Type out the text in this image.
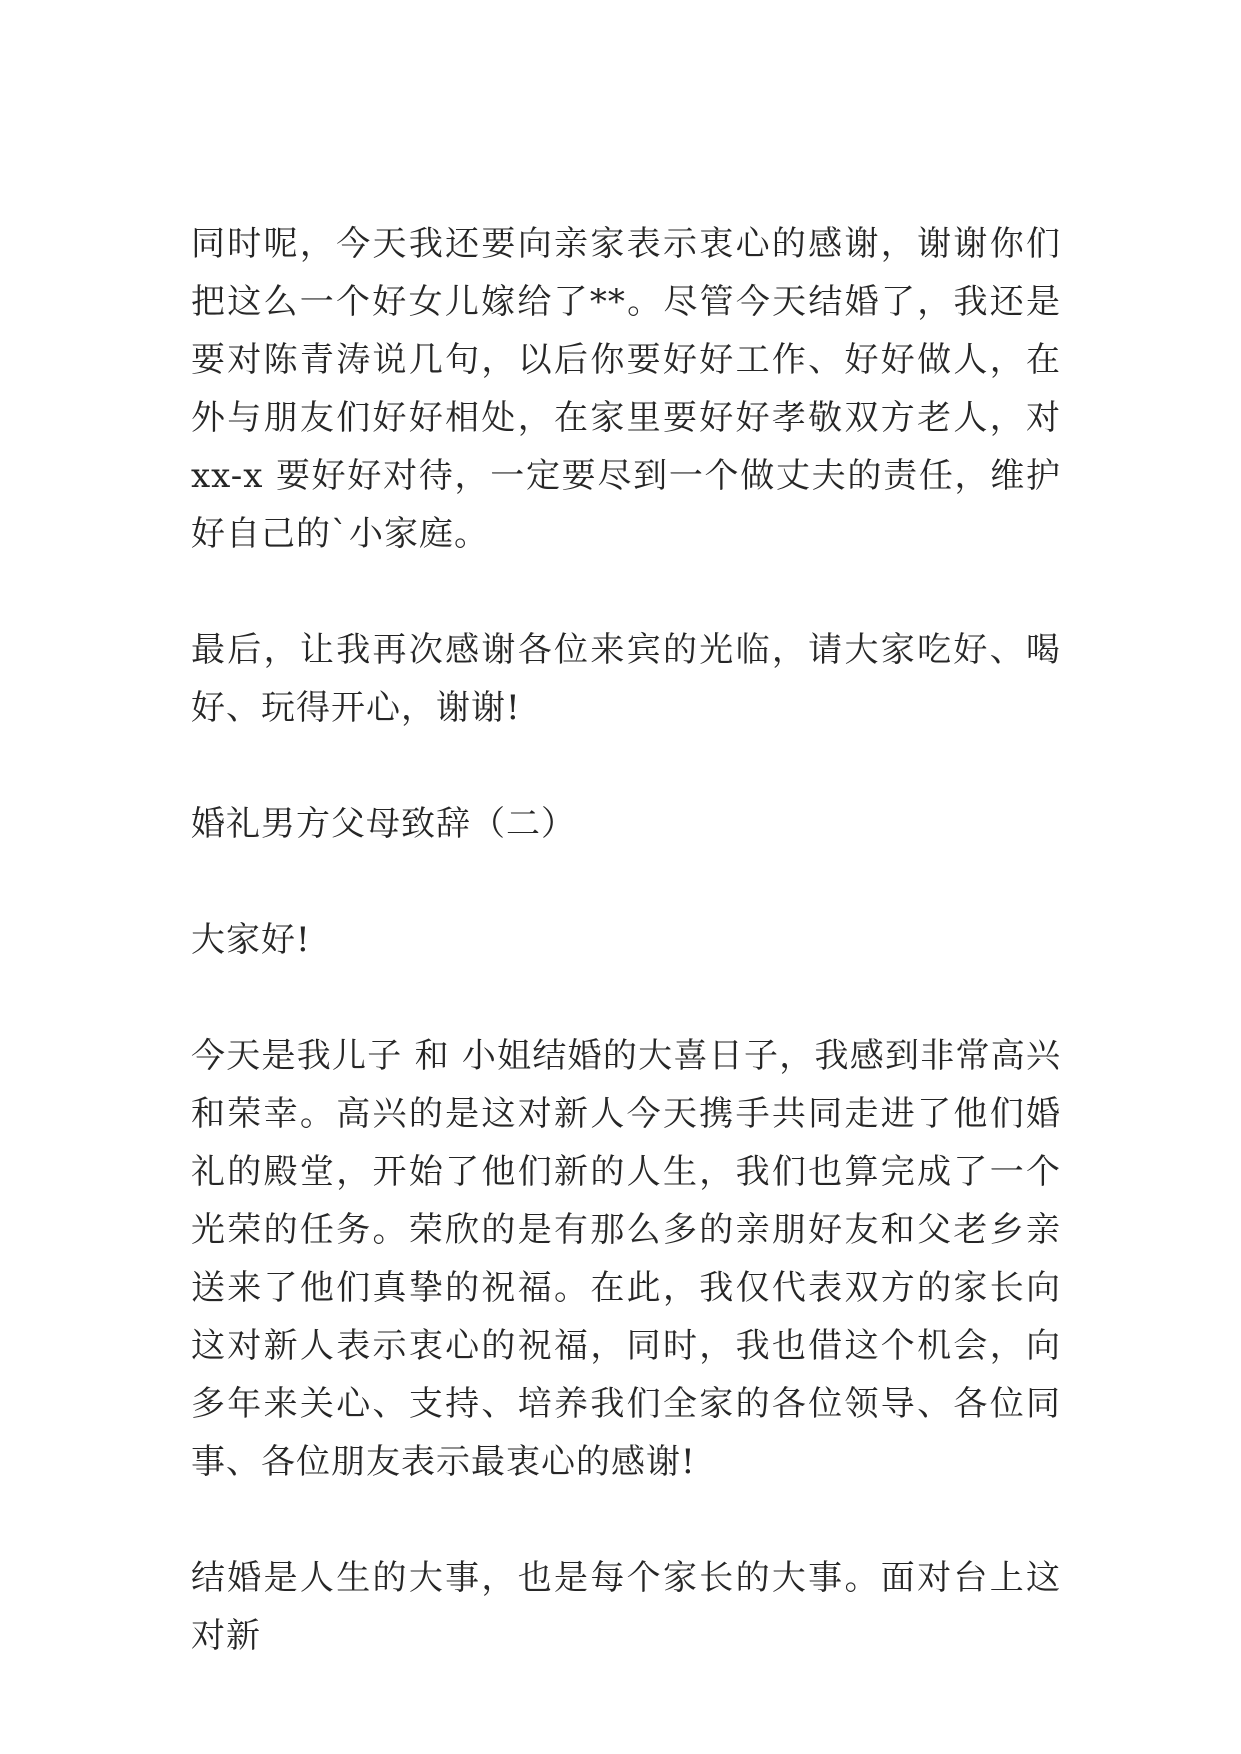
同时呢，今天我还要向亲家表示衷心的感谢，谢谢你们把这么一个好女儿嫁给了**。尽管今天结婚了，我还是要对陈青涛说几句，以后你要好好工作、好好做人，在外与朋友们好好相处，在家里要好好孝敬双方老人，对 xx-x 要好好对待，一定要尽到一个做丈夫的责任，维护好自己的`小家庭。

最后，让我再次感谢各位来宾的光临，请大家吃好、喝好、玩得开心，谢谢!

婚礼男方父母致辞（二）

大家好!

今天是我儿子 和 小姐结婚的大喜日子，我感到非常高兴和荣幸。高兴的是这对新人今天携手共同走进了他们婚礼的殿堂，开始了他们新的人生，我们也算完成了一个光荣的任务。荣欣的是有那么多的亲朋好友和父老乡亲送来了他们真挚的祝福。在此，我仅代表双方的家长向这对新人表示衷心的祝福，同时，我也借这个机会，向多年来关心、支持、培养我们全家的各位领导、各位同事、各位朋友表示最衷心的感谢!

结婚是人生的大事，也是每个家长的大事。面对台上这对新
